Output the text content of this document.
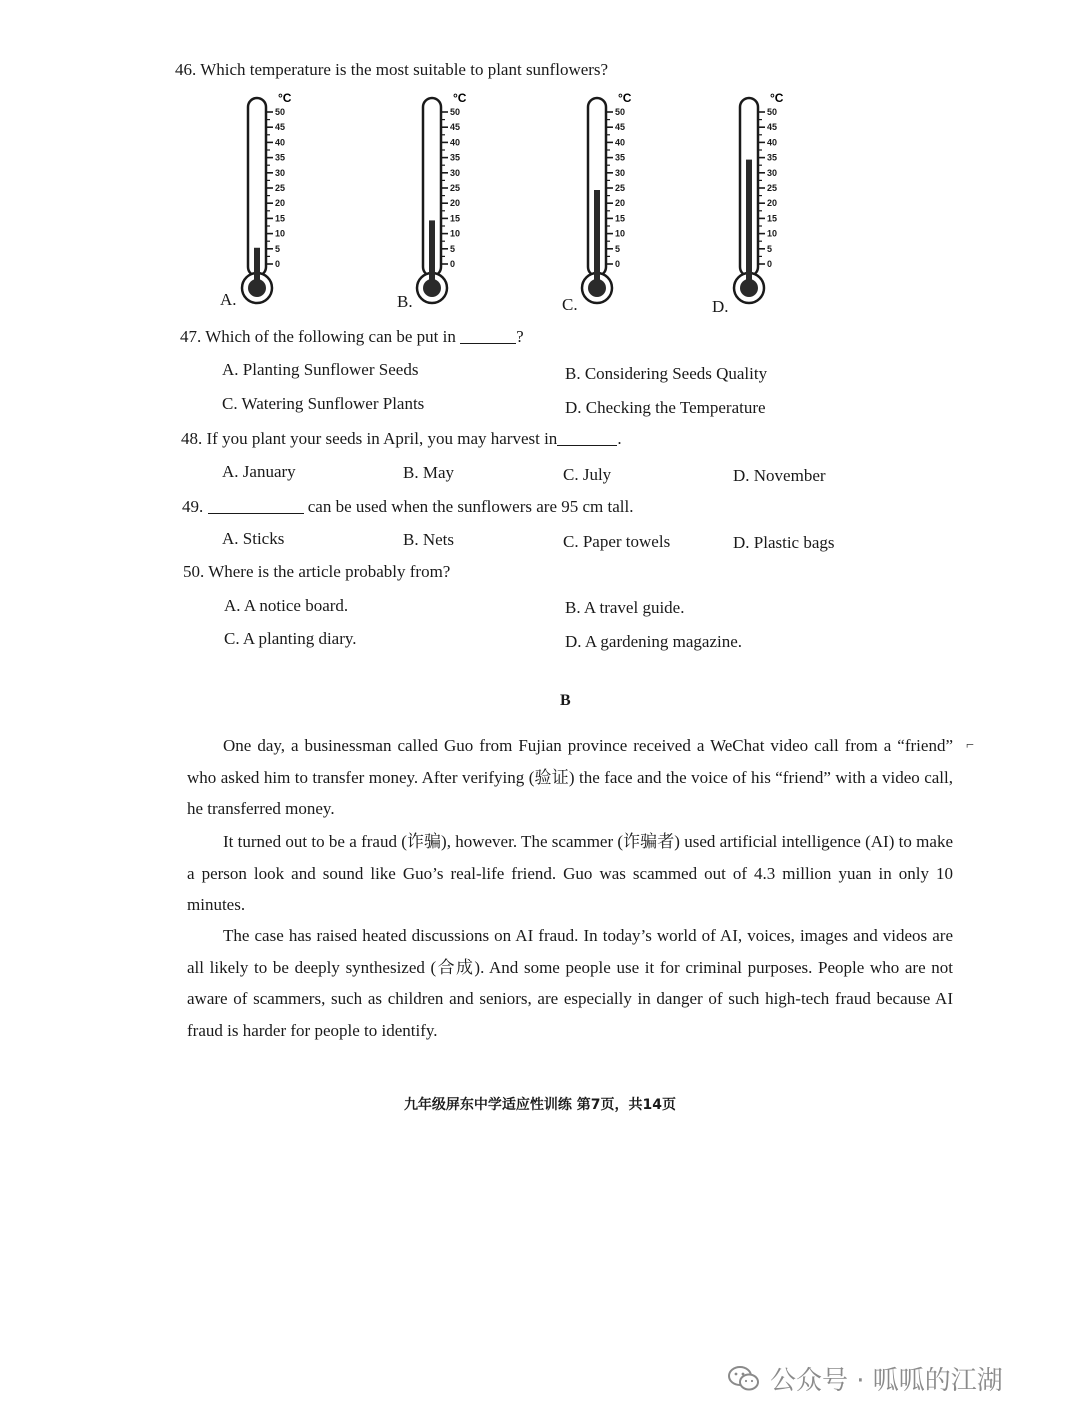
46. Which temperature is the most suitable to plant sunflowers?
50
45
40
35
30
25
20
15
10
5
0
°C
A.
50
45
40
35
30
25
20
15
10
5
0
°C
B.
50
45
40
35
30
25
20
15
10
5
0
°C
C.
50
45
40
35
30
25
20
15
10
5
0
°C
D.
47. Which of the following can be put in	?
A. Planting Sunflower Seeds	B. Considering Seeds Quality
C. Watering Sunflower Plants	D. Checking the Temperature
48. If you plant your seeds in April, you may harvest in	.
A. January	B. May	C. July	D. November
49.	can be used when the sunflowers are 95 cm tall.
A. Sticks	B. Nets	C. Paper towels	D. Plastic bags
50. Where is the article probably from?
A. A notice board.	B. A travel guide.
C. A planting diary.	D. A gardening magazine.
B
⌐
One day, a businessman called Guo from Fujian province received a WeChat video call from a “friend” who asked him to transfer money. After verifying (验证) the face and the voice of his “friend” with a video call, he transferred money.
It turned out to be a fraud (诈骗), however. The scammer (诈骗者) used artificial intelligence (AI) to make a person look and sound like Guo’s real-life friend. Guo was scammed out of 4.3 million yuan in only 10 minutes.
The case has raised heated discussions on AI fraud. In today’s world of AI, voices, images and videos are all likely to be deeply synthesized (合成). And some people use it for criminal purposes. People who are not aware of scammers, such as children and seniors, are especially in danger of such high-tech fraud because AI fraud is harder for people to identify.
九年级屏东中学适应性训练 第7页，共14页
公众号 · 呱呱的江湖
